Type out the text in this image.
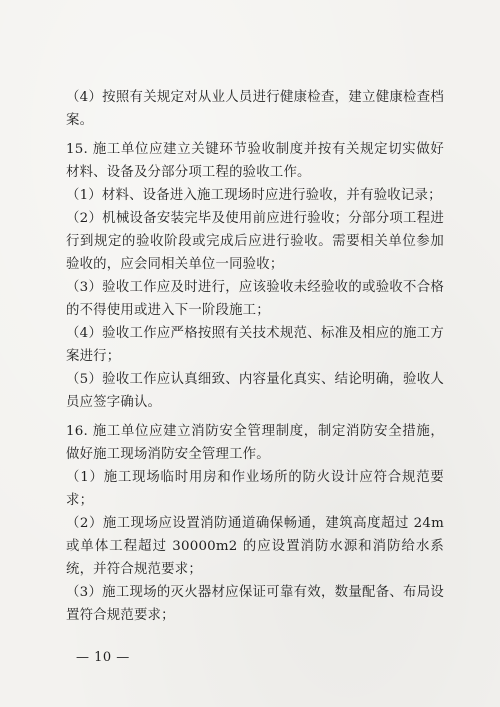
（4）按照有关规定对从业人员进行健康检查，建立健康检查档案。

15. 施工单位应建立关键环节验收制度并按有关规定切实做好材料、设备及分部分项工程的验收工作。

（1）材料、设备进入施工现场时应进行验收，并有验收记录；

（2）机械设备安装完毕及使用前应进行验收；分部分项工程进行到规定的验收阶段或完成后应进行验收。需要相关单位参加验收的，应会同相关单位一同验收；

（3）验收工作应及时进行，应该验收未经验收的或验收不合格的不得使用或进入下一阶段施工；

（4）验收工作应严格按照有关技术规范、标准及相应的施工方案进行；

（5）验收工作应认真细致、内容量化真实、结论明确，验收人员应签字确认。

16. 施工单位应建立消防安全管理制度，制定消防安全措施，做好施工现场消防安全管理工作。

（1）施工现场临时用房和作业场所的防火设计应符合规范要求；

（2）施工现场应设置消防通道确保畅通，建筑高度超过 24m 或单体工程超过 30000m2 的应设置消防水源和消防给水系统，并符合规范要求；

（3）施工现场的灭火器材应保证可靠有效，数量配备、布局设置符合规范要求；

— 10 —
